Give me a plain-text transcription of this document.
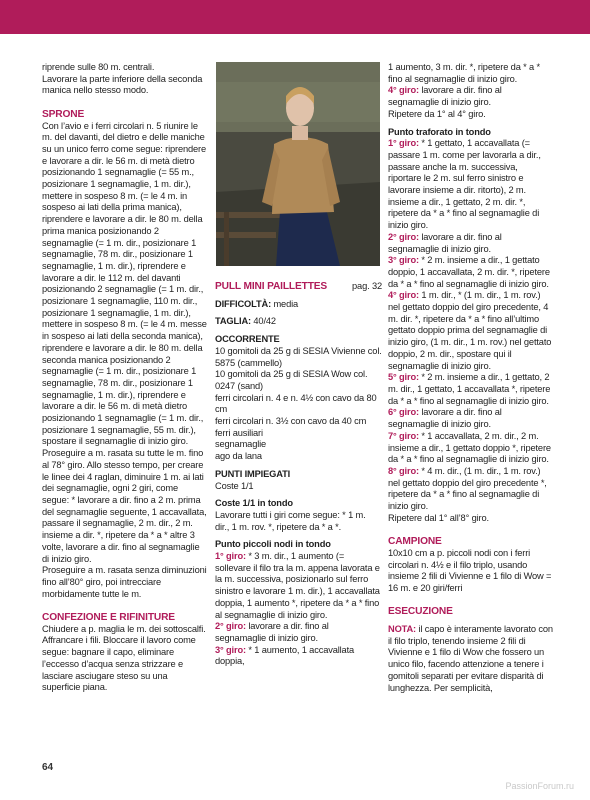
riprende sulle 80 m. centrali.

Lavorare la parte inferiore della seconda manica nello stesso modo.

SPRONE

Con l’avio e i ferri circolari n. 5 riunire le m. del davanti, del dietro e delle maniche su un unico ferro come segue: riprendere e lavorare a dir. le 56 m. di metà dietro posizionando 1 segnamaglie (= 55 m., posizionare 1 segnamaglie, 1 m. dir.), mettere in sospeso 8 m. (= le 4 m. in sospeso ai lati della prima manica), riprendere e lavorare a dir. le 80 m. della prima manica posizionando 2 segnamaglie (= 1 m. dir., posizionare 1 segnamaglie, 78 m. dir., posizionare 1 segnamaglie, 1 m. dir.), riprendere e lavorare a dir. le 112 m. del davanti posizionando 2 segnamaglie (= 1 m. dir., posizionare 1 segnamaglie, 110 m. dir., posizionare 1 segnamaglie, 1 m. dir.), mettere in sospeso 8 m. (= le 4 m. messe in sospeso ai lati della seconda manica), riprendere e lavorare a dir. le 80 m. della seconda manica posizionando 2 segnamaglie (= 1 m. dir., posizionare 1 segnamaglie, 78 m. dir., posizionare 1 segnamaglie, 1 m. dir.), riprendere e lavorare a dir. le 56 m. di metà dietro posizionando 1 segnamaglie (= 1 m. dir., posizionare 1 segnamaglie, 55 m. dir.), spostare il segnamaglie di inizio giro.

Proseguire a m. rasata su tutte le m. fino al 78° giro. Allo stesso tempo, per creare le linee dei 4 raglan, diminuire 1 m. ai lati dei segnamaglie, ogni 2 giri, come segue: * lavorare a dir. fino a 2 m. prima del segnamaglie seguente, 1 accavallata, passare il segnamaglie, 2 m. dir., 2 m. insieme a dir. *, ripetere da * a * altre 3 volte, lavorare a dir. fino al segnamaglie di inizio giro.

Proseguire a m. rasata senza diminuzioni fino all’80° giro, poi intrecciare morbidamente tutte le m.

CONFEZIONE E RIFINITURE

Chiudere a p. maglia le m. dei sottoscalfi. Affrancare i fili. Bloccare il lavoro come segue: bagnare il capo, eliminare l’eccesso d’acqua senza strizzare e lasciare asciugare steso su una superficie piana.

PULL MINI PAILLETTES	pag. 32

DIFFICOLTÀ: media

TAGLIA: 40/42

OCCORRENTE

10 gomitoli da 25 g di SESIA Vivienne col. 5875 (cammello)
10 gomitoli da 25 g di SESIA Wow col. 0247 (sand)
ferri circolari n. 4 e n. 4½ con cavo da 80 cm
ferri circolari n. 3½ con cavo da 40 cm
ferri ausiliari
segnamaglie
ago da lana

PUNTI IMPIEGATI

Coste 1/1

Coste 1/1 in tondo

Lavorare tutti i giri come segue: * 1 m. dir., 1 m. rov. *, ripetere da * a *.

Punto piccoli nodi in tondo

1° giro: * 3 m. dir., 1 aumento (= sollevare il filo tra la m. appena lavorata e la m. successiva, posizionarlo sul ferro sinistro e lavorare 1 m. dir.), 1 accavallata doppia, 1 aumento *, ripetere da * a * fino al segnamaglie di inizio giro.

2° giro: lavorare a dir. fino al segnamaglie di inizio giro.

3° giro: * 1 aumento, 1 accavallata doppia,

1 aumento, 3 m. dir. *, ripetere da * a * fino al segnamaglie di inizio giro.

4° giro: lavorare a dir. fino al segnamaglie di inizio giro.

Ripetere da 1° al 4° giro.

Punto traforato in tondo

1° giro: * 1 gettato, 1 accavallata (= passare 1 m. come per lavorarla a dir., passare anche la m. successiva, riportare le 2 m. sul ferro sinistro e lavorare insieme a dir. ritorto), 2 m. insieme a dir., 1 gettato, 2 m. dir. *, ripetere da * a * fino al segnamaglie di inizio giro.

2° giro: lavorare a dir. fino al segnamaglie di inizio giro.

3° giro: * 2 m. insieme a dir., 1 gettato doppio, 1 accavallata, 2 m. dir. *, ripetere da * a * fino al segnamaglie di inizio giro.

4° giro: 1 m. dir., * (1 m. dir., 1 m. rov.) nel gettato doppio del giro precedente, 4 m. dir. *, ripetere da * a * fino all’ultimo gettato doppio prima del segnamaglie di inizio giro, (1 m. dir., 1 m. rov.) nel gettato doppio, 2 m. dir., spostare qui il segnamaglie di inizio giro.

5° giro: * 2 m. insieme a dir., 1 gettato, 2 m. dir., 1 gettato, 1 accavallata *, ripetere da * a * fino al segnamaglie di inizio giro.

6° giro: lavorare a dir. fino al segnamaglie di inizio giro.

7° giro: * 1 accavallata, 2 m. dir., 2 m. insieme a dir., 1 gettato doppio *, ripetere da * a * fino al segnamaglie di inizio giro.

8° giro: * 4 m. dir., (1 m. dir., 1 m. rov.) nel gettato doppio del giro precedente *, ripetere da * a * fino al segnamaglie di inizio giro.

Ripetere dal 1° all’8° giro.

CAMPIONE

10x10 cm a p. piccoli nodi con i ferri circolari n. 4½ e il filo triplo, usando insieme 2 fili di Vivienne e 1 filo di Wow = 16 m. e 20 giri/ferri

ESECUZIONE

NOTA: il capo è interamente lavorato con il filo triplo, tenendo insieme 2 fili di Vivienne e 1 filo di Wow che fossero un unico filo, facendo attenzione a tenere i gomitoli separati per evitare disparità di lunghezza. Per semplicità,

64
PassionForum.ru
